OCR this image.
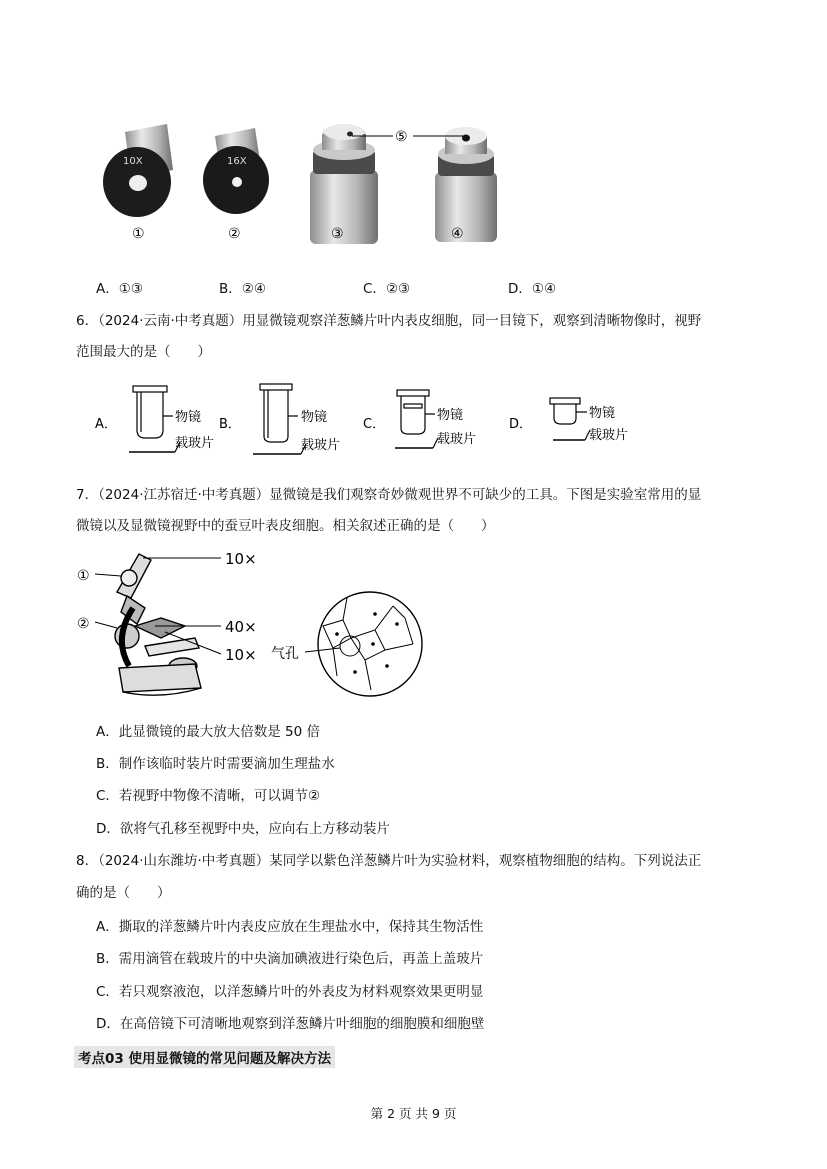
10X	16X
⑤
①	②	③	④
A．①③	B．②④	C．②③	D．①④
6．（2024·云南·中考真题）用显微镜观察洋葱鳞片叶内表皮细胞，同一目镜下，观察到清晰物像时，视野
范围最大的是（　　）
A．	物镜
载玻片
B．	物镜
载玻片
C．
物镜
载玻片
D．
物镜
载玻片
7．（2024·江苏宿迁·中考真题）显微镜是我们观察奇妙微观世界不可缺少的工具。下图是实验室常用的显
微镜以及显微镜视野中的蚕豆叶表皮细胞。相关叙述正确的是（　　）
10×
40×
10×
①
②
气孔
A．此显微镜的最大放大倍数是 50 倍
B．制作该临时装片时需要滴加生理盐水
C．若视野中物像不清晰，可以调节②
D．欲将气孔移至视野中央，应向右上方移动装片
8．（2024·山东潍坊·中考真题）某同学以紫色洋葱鳞片叶为实验材料，观察植物细胞的结构。下列说法正
确的是（　　）
A．撕取的洋葱鳞片叶内表皮应放在生理盐水中，保持其生物活性
B．需用滴管在载玻片的中央滴加碘液进行染色后，再盖上盖玻片
C．若只观察液泡，以洋葱鳞片叶的外表皮为材料观察效果更明显
D．在高倍镜下可清晰地观察到洋葱鳞片叶细胞的细胞膜和细胞壁
考点03 使用显微镜的常见问题及解决方法
第 2 页 共 9 页
